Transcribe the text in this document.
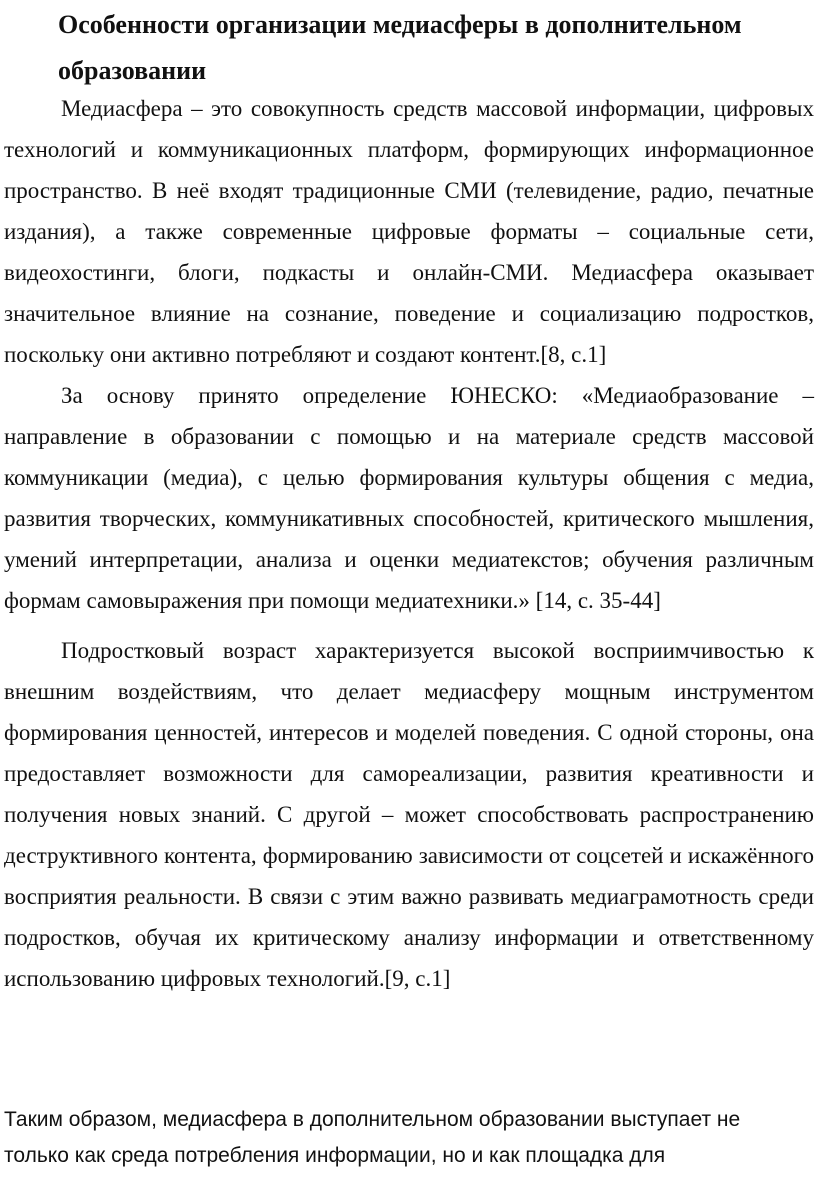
Особенности организации медиасферы в дополнительном образовании

Медиасфера – это совокупность средств массовой информации, цифровых технологий и коммуникационных платформ, формирующих информационное пространство. В неё входят традиционные СМИ (телевидение, радио, печатные издания), а также современные цифровые форматы – социальные сети, видеохостинги, блоги, подкасты и онлайн-СМИ. Медиасфера оказывает значительное влияние на сознание, поведение и социализацию подростков, поскольку они активно потребляют и создают контент.[8, с.1]

За основу принято определение ЮНЕСКО: «Медиаобразование – направление в образовании с помощью и на материале средств массовой коммуникации (медиа), с целью формирования культуры общения с медиа, развития творческих, коммуникативных способностей, критического мышления, умений интерпретации, анализа и оценки медиатекстов; обучения различным формам самовыражения при помощи медиатехники.» [14, с. 35-44]

Подростковый возраст характеризуется высокой восприимчивостью к внешним воздействиям, что делает медиасферу мощным инструментом формирования ценностей, интересов и моделей поведения. С одной стороны, она предоставляет возможности для самореализации, развития креативности и получения новых знаний. С другой – может способствовать распространению деструктивного контента, формированию зависимости от соцсетей и искажённого восприятия реальности. В связи с этим важно развивать медиаграмотность среди подростков, обучая их критическому анализу информации и ответственному использованию цифровых технологий.[9, с.1]

Таким образом, медиасфера в дополнительном образовании выступает не только как среда потребления информации, но и как площадка для
